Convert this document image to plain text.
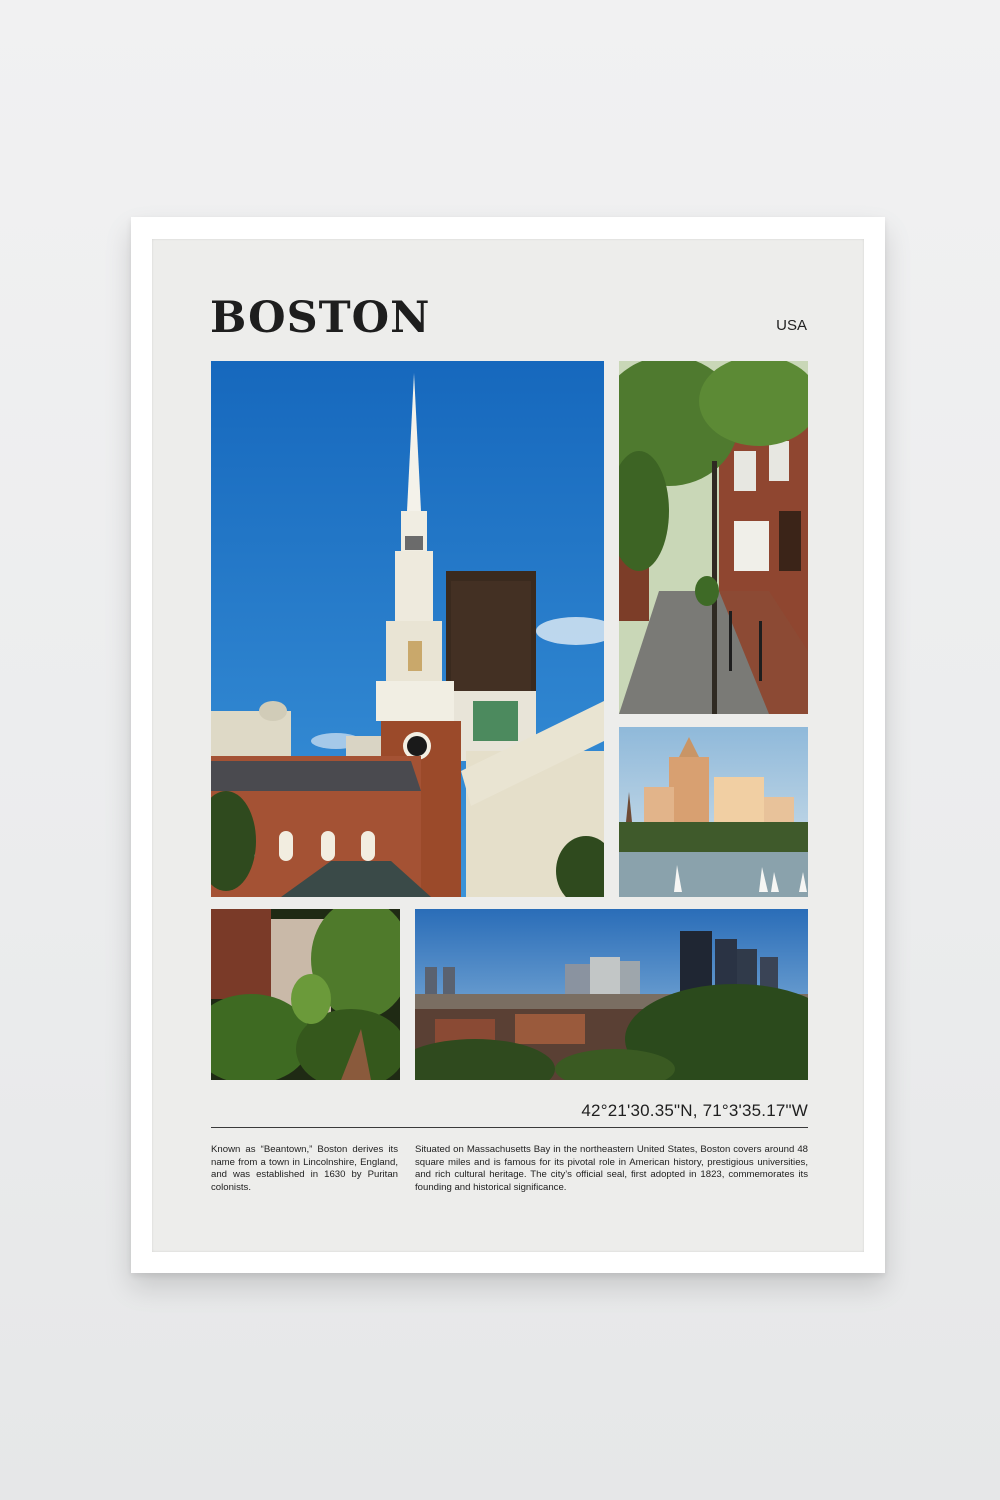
BOSTON	USA
42°21'30.35"N, 71°3'35.17"W

Known as “Beantown,” Boston derives its name from a town in Lincolnshire, England, and was established in 1630 by Puritan colonists.

Situated on Massachusetts Bay in the northeastern United States, Boston covers around 48 square miles and is famous for its pivotal role in American history, prestigious universities, and rich cultural heritage. The city’s official seal, first adopted in 1823, commemorates its founding and historical significance.
